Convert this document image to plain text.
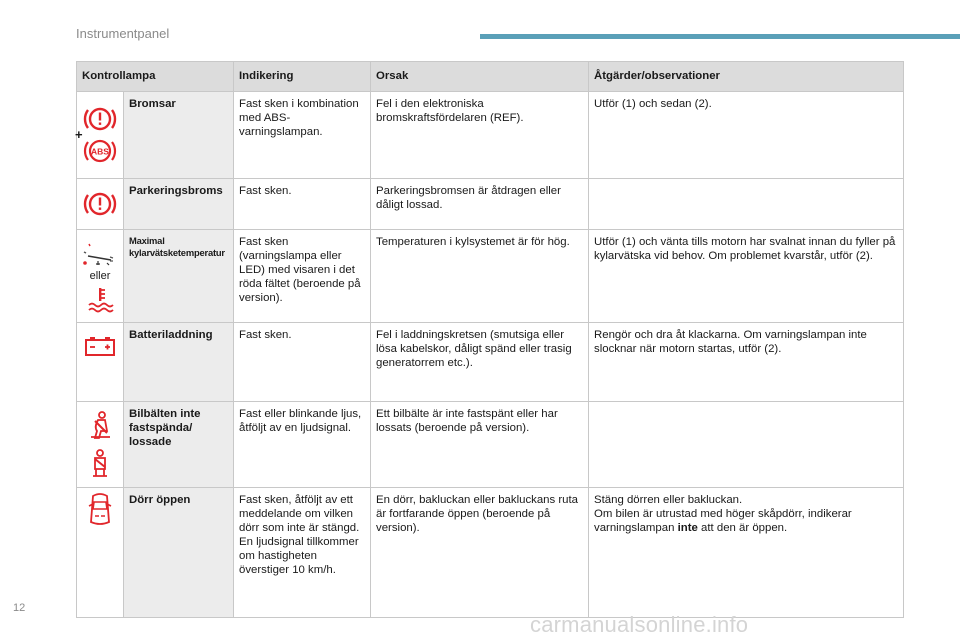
Instrumentpanel
Kontrollampa		Indikering	Orsak	Åtgärder/observationer

+
ABS	Bromsar	Fast sken i kombination med ABS-varningslampan.	Fel i den elektroniska bromskraftsfördelaren (REF).	Utför (1) och sedan (2).

	Parkeringsbroms	Fast sken.	Parkeringsbromsen är åtdragen eller dåligt lossad.	

eller	Maximal kylarvätsketemperatur	Fast sken (varningslampa eller LED) med visaren i det röda fältet (beroende på version).	Temperaturen i kylsystemet är för hög.	Utför (1) och vänta tills motorn har svalnat innan du fyller på kylarvätska vid behov. Om problemet kvarstår, utför (2).

	Batteriladdning	Fast sken.	Fel i laddningskretsen (smutsiga eller lösa kabelskor, dåligt spänd eller trasig generatorrem etc.).	Rengör och dra åt klackarna. Om varningslampan inte slocknar när motorn startas, utför (2).

	Bilbälten inte fastspända/ lossade	Fast eller blinkande ljus, åtföljt av en ljudsignal.	Ett bilbälte är inte fastspänt eller har lossats (beroende på version).	

	Dörr öppen	Fast sken, åtföljt av ett meddelande om vilken dörr som inte är stängd. En ljudsignal tillkommer om hastigheten överstiger 10 km/h.	En dörr, bakluckan eller bakluckans ruta är fortfarande öppen (beroende på version).	Stäng dörren eller bakluckan.
Om bilen är utrustad med höger skåpdörr, indikerar varningslampan inte att den är öppen.
12
carmanualsonline.info
